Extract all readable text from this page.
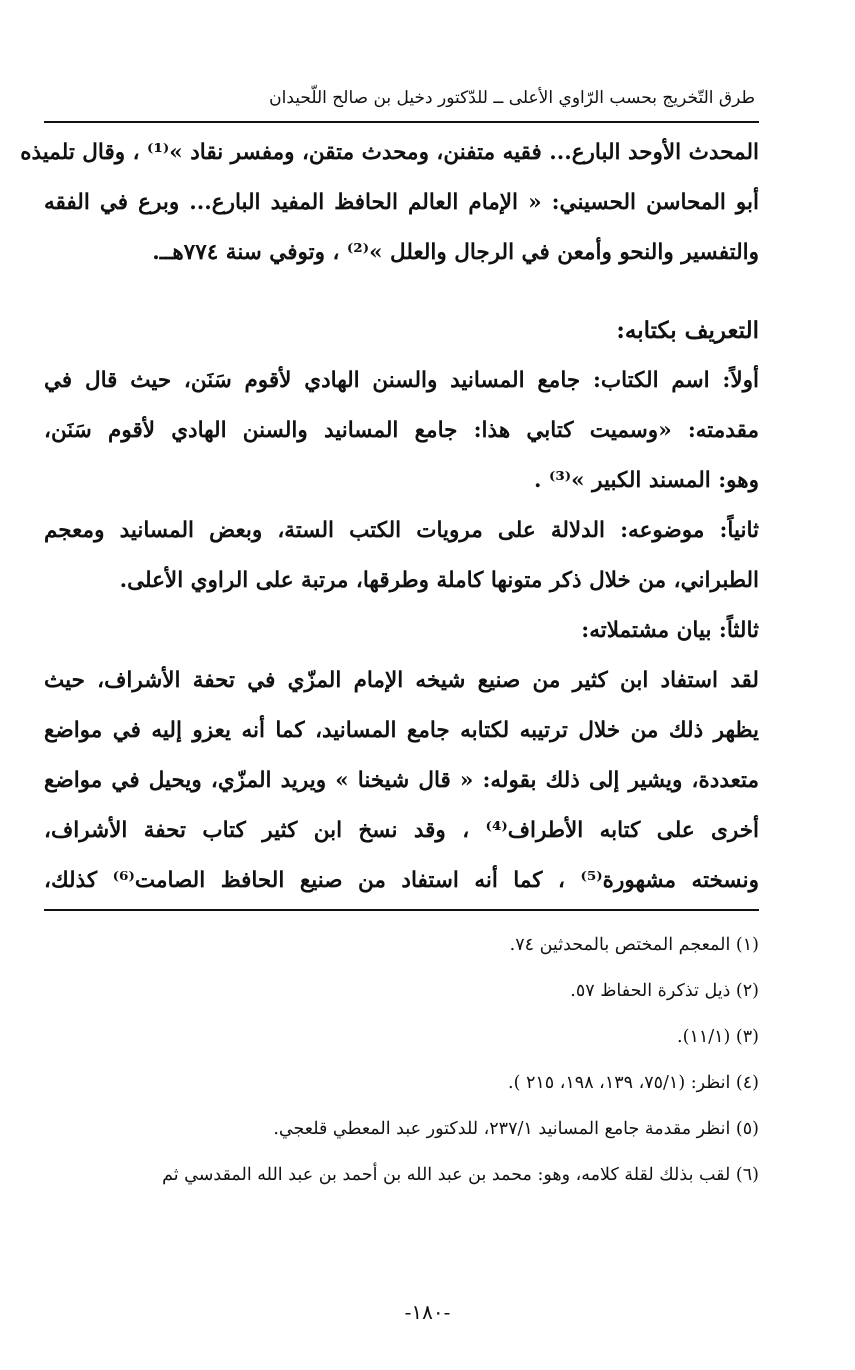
طرق التّخريج بحسب الرّاوي الأعلى ــ للدّكتور دخيل بن صالح اللّحيدان
المحدث الأوحد البارع... فقيه متفنن، ومحدث متقن، ومفسر نقاد »⁽¹⁾ ، وقال تلميذه
أبو المحاسن الحسيني: « الإمام العالم الحافظ المفيد البارع... وبرع في الفقه
والتفسير والنحو وأمعن في الرجال والعلل »⁽²⁾ ، وتوفي سنة ٧٧٤هــ.
التعريف بكتابه:
أولاً: اسم الكتاب: جامع المسانيد والسنن الهادي لأقوم سَنَن، حيث قال في
مقدمته: «وسميت كتابي هذا: جامع المسانيد والسنن الهادي لأقوم سَنَن،
وهو: المسند الكبير »⁽³⁾ .
ثانياً: موضوعه: الدلالة على مرويات الكتب الستة، وبعض المسانيد ومعجم
الطبراني، من خلال ذكر متونها كاملة وطرقها، مرتبة على الراوي الأعلى.
ثالثاً: بيان مشتملاته:
لقد استفاد ابن كثير من صنيع شيخه الإمام المزّي في تحفة الأشراف، حيث
يظهر ذلك من خلال ترتيبه لكتابه جامع المسانيد، كما أنه يعزو إليه في مواضع
متعددة، ويشير إلى ذلك بقوله: « قال شيخنا » ويريد المزّي، ويحيل في مواضع
أخرى على كتابه الأطراف⁽⁴⁾ ، وقد نسخ ابن كثير كتاب تحفة الأشراف،
ونسخته مشهورة⁽⁵⁾ ، كما أنه استفاد من صنيع الحافظ الصامت⁽⁶⁾ كذلك،
(١) المعجم المختص بالمحدثين ٧٤.
(٢) ذيل تذكرة الحفاظ ٥٧.
(٣) (١١/١).
(٤) انظر: (٧٥/١، ١٣٩، ١٩٨، ٢١٥ ).
(٥) انظر مقدمة جامع المسانيد ٢٣٧/١، للدكتور عبد المعطي قلعجي.
(٦) لقب بذلك لقلة كلامه، وهو: محمد بن عبد الله بن أحمد بن عبد الله المقدسي ثم
-١٨٠-
